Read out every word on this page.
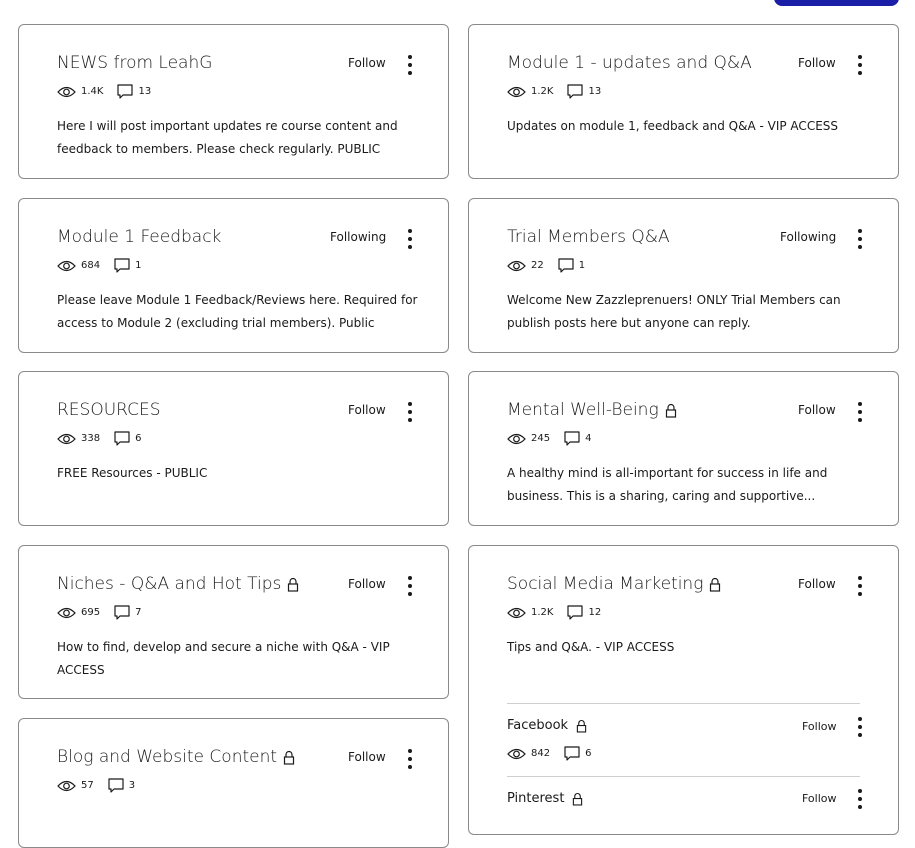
NEWS from LeahG	Follow
1.4K	13
Here I will post important updates re course content and feedback to members. Please check regularly. PUBLIC
Module 1 - updates and Q&A	Follow
1.2K	13
Updates on module 1, feedback and Q&A - VIP ACCESS
Module 1 Feedback	Following
684	1
Please leave Module 1 Feedback/Reviews here. Required for access to Module 2 (excluding trial members). Public
Trial Members Q&A	Following
22	1
Welcome New Zazzleprenuers! ONLY Trial Members can publish posts here but anyone can reply.
RESOURCES	Follow
338	6
FREE Resources - PUBLIC
Mental Well-Being	Follow
245	4
A healthy mind is all-important for success in life and business. This is a sharing, caring and supportive...
Niches - Q&A and Hot Tips	Follow
695	7
How to find, develop and secure a niche with Q&A - VIP ACCESS
Social Media Marketing	Follow
1.2K	12
Tips and Q&A. - VIP ACCESS
Facebook	Follow
842	6
Pinterest	Follow
Blog and Website Content	Follow
57	3
